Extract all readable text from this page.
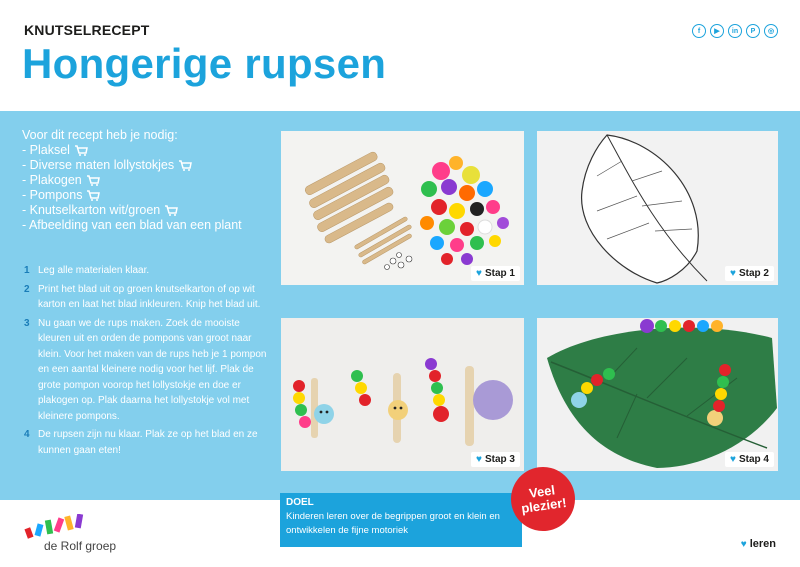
KNUTSELRECEPT
Hongerige rupsen
f	▶	in	P	◎
Voor dit recept heb je nodig:
- Plaksel
- Diverse maten lollystokjes
- Plakogen
- Pompons
- Knutselkarton wit/groen
- Afbeelding van een blad van een plant
1 Leg alle materialen klaar.
2 Print het blad uit op groen knutselkarton of op wit karton en laat het blad inkleuren. Knip het blad uit.
3 Nu gaan we de rups maken. Zoek de mooiste kleuren uit en orden de pompons van groot naar klein. Voor het maken van de rups heb je 1 pompon en een aantal kleinere nodig voor het lijf. Plak de grote pompon voorop het lollystokje en doe er plakogen op. Plak daarna het lollystokje vol met kleinere pompons.
4 De rupsen zijn nu klaar. Plak ze op het blad en ze kunnen gaan eten!
♥ Stap 1	♥ Stap 2
♥ Stap 3	♥ Stap 4
DOEL
Kinderen leren over de begrippen groot en klein en ontwikkelen de fijne motoriek
Veel plezier!
de Rolf groep	♥ leren
